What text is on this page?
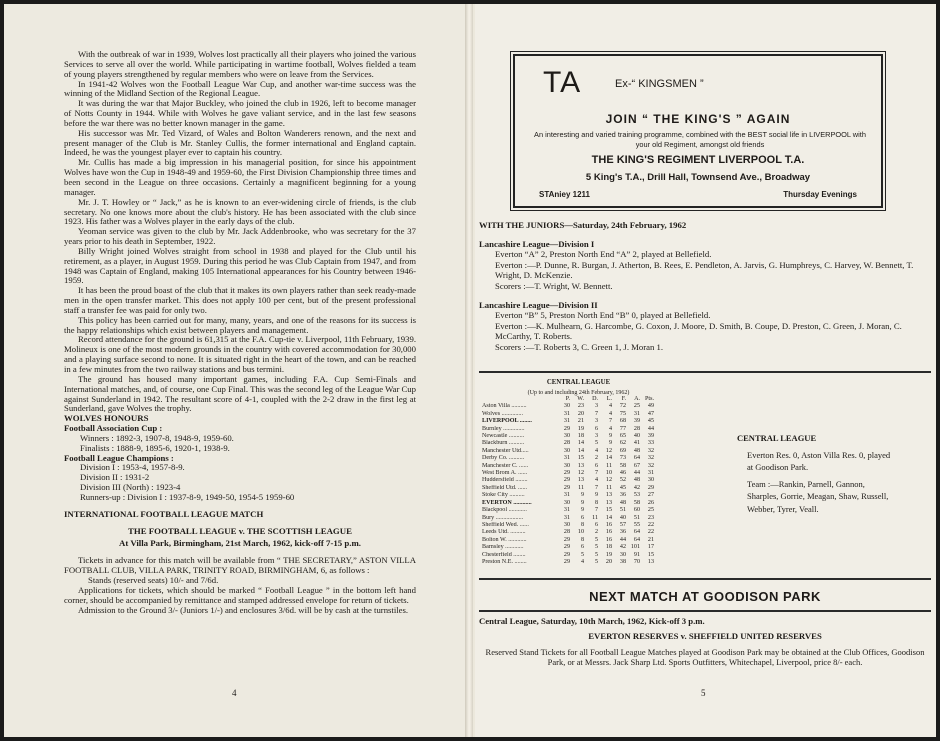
With the outbreak of war in 1939, Wolves lost practically all their players who joined the various Services to serve all over the world. While participating in wartime football, Wolves fielded a team of young players strengthened by regular members who were on leave from the Services.

In 1941-42 Wolves won the Football League War Cup, and another war-time success was the winning of the Midland Section of the Regional League.

It was during the war that Major Buckley, who joined the club in 1926, left to become manager of Notts County in 1944. While with Wolves he gave valiant service, and in the last few seasons before the war there was no better known manager in the game.

His successor was Mr. Ted Vizard, of Wales and Bolton Wanderers renown, and the next and present manager of the Club is Mr. Stanley Cullis, the former international and England captain. Indeed, he was the youngest player ever to captain his country.

Mr. Cullis has made a big impression in his managerial position, for since his appointment Wolves have won the Cup in 1948-49 and 1959-60, the First Division Championship three times and been second in the League on three occasions. Certainly a magnificent beginning for a young manager.

Mr. J. T. Howley or “ Jack,” as he is known to an ever-widening circle of friends, is the club secretary. No one knows more about the club's history. He has been associated with the club since 1923. His father was a Wolves player in the early days of the club.

Yeoman service was given to the club by Mr. Jack Addenbrooke, who was secretary for the 37 years prior to his death in September, 1922.

Billy Wright joined Wolves straight from school in 1938 and played for the Club until his retirement, as a player, in August 1959. During this period he was Club Captain from 1947, and from 1948 was Captain of England, making 105 International appearances for his Country between 1946-1959.

It has been the proud boast of the club that it makes its own players rather than seek ready-made men in the open transfer market. This does not apply 100 per cent, but of the present professional staff a transfer fee was paid for only two.

This policy has been carried out for many, many, years, and one of the reasons for its success is the happy relationships which exist between players and management.

Record attendance for the ground is 61,315 at the F.A. Cup-tie v. Liverpool, 11th February, 1939. Molineux is one of the most modern grounds in the country with covered accommodation for 30,000 and a playing surface second to none. It is situated right in the heart of the town, and can be reached in a few minutes from the two railway stations and bus termini.

The ground has housed many important games, including F.A. Cup Semi-Finals and International matches, and, of course, one Cup Final. This was the second leg of the League War Cup against Sunderland in 1942. The resultant score of 4-1, coupled with the 2-2 draw in the first leg at Sunderland, gave Wolves the trophy.

WOLVES HONOURS
Football Association Cup :
Winners : 1892-3, 1907-8, 1948-9, 1959-60.
Finalists : 1888-9, 1895-6, 1920-1, 1938-9.
Football League Champions :
Division I : 1953-4, 1957-8-9.
Division II : 1931-2
Division III (North) : 1923-4
Runners-up : Division I : 1937-8-9, 1949-50, 1954-5 1959-60
INTERNATIONAL FOOTBALL LEAGUE MATCH
THE FOOTBALL LEAGUE v. THE SCOTTISH LEAGUE
At Villa Park, Birmingham, 21st March, 1962, kick-off 7-15 p.m.

Tickets in advance for this match will be available from “ THE SECRETARY,” ASTON VILLA FOOTBALL CLUB, VILLA PARK, TRINITY ROAD, BIRMINGHAM, 6, as follows :

Stands (reserved seats) 10/- and 7/6d.

Applications for tickets, which should be marked “ Football League ” in the bottom left hand corner, should be accompanied by remittance and stamped addressed envelope for return of tickets.

Admission to the Ground 3/- (Juniors 1/-) and enclosures 3/6d. will be by cash at the turnstiles.

4
TA	Ex-“ KINGSMEN ”
JOIN “ THE KING'S ” AGAIN
An interesting and varied training programme, combined with the BEST social life in LIVERPOOL with your old Regiment, amongst old friends
THE KING'S REGIMENT LIVERPOOL T.A.
5 King's T.A., Drill Hall, Townsend Ave., Broadway
STAniey 1211	Thursday Evenings
WITH THE JUNIORS—Saturday, 24th February, 1962
Lancashire League—Division I
Everton “A” 2, Preston North End “A” 2, played at Bellefield.
Everton :—P. Dunne, R. Burgan, J. Atherton, B. Rees, E. Pendleton, A. Jarvis, G. Humphreys, C. Harvey, W. Bennett, T. Wright, D. McKenzie.
Scorers :—T. Wright, W. Bennett.
Lancashire League—Division II
Everton “B” 5, Preston North End “B” 0, played at Bellefield.
Everton :—K. Mulhearn, G. Harcombe, G. Coxon, J. Moore, D. Smith, B. Coupe, D. Preston, C. Green, J. Moran, C. McCarthy, T. Roberts.
Scorers :—T. Roberts 3, C. Green 1, J. Moran 1.
CENTRAL LEAGUE
(Up to and including 24th February, 1962)
P.	W.	D.	L.	F.	A. Pts.
Aston Villa ..........	30	23	3	4	72	25	49
Wolves ..............	31	20	7	4	75	31	47
LIVERPOOL ........	31	21	3	7	68	39	45
Burnley ..............	29	19	6	4	77	28	44
Newcastle ..........	30	18	3	9	65	40	39
Blackburn ..........	28	14	5	9	62	41	33
Manchester Utd.....	30	14	4	12	69	48	32
Derby Co. ..........	31	15	2	14	73	64	32
Manchester C. ......	30	13	6	11	58	67	32
West Brom A. ......	29	12	7	10	46	44	31
Huddersfield ........	29	13	4	12	52	48	30
Sheffield Utd. ......	29	11	7	11	45	42	29
Stoke City ..........	31	9	9	13	36	53	27
EVERTON ............	30	9	8	13	48	58	26
Blackpool ............	31	9	7	15	51	60	25
Bury ..................	31	6	11	14	40	51	23
Sheffield Wed. ......	30	8	6	16	57	55	22
Leeds Utd. ..........	28	10	2	16	36	64	22
Bolton W. ............	29	8	5	16	44	64	21
Barnsley ............	29	6	5	18	42 101	17
Chesterfield ........	29	5	5	19	30	91	15
Preston N.E. ........	29	4	5	20	38	70	13
CENTRAL LEAGUE
Everton Res. 0, Aston Villa Res. 0, played at Goodison Park.
Team :—Rankin, Parnell, Gannon, Sharples, Gorrie, Meagan, Shaw, Russell, Webber, Tyrer, Veall.
NEXT MATCH AT GOODISON PARK
Central League, Saturday, 10th March, 1962, Kick-off 3 p.m.
EVERTON RESERVES v. SHEFFIELD UNITED RESERVES
Reserved Stand Tickets for all Football League Matches played at Goodison Park may be obtained at the Club Offices, Goodison Park, or at Messrs. Jack Sharp Ltd. Sports Outfitters, Whitechapel, Liverpool, price 8/- each.
5
